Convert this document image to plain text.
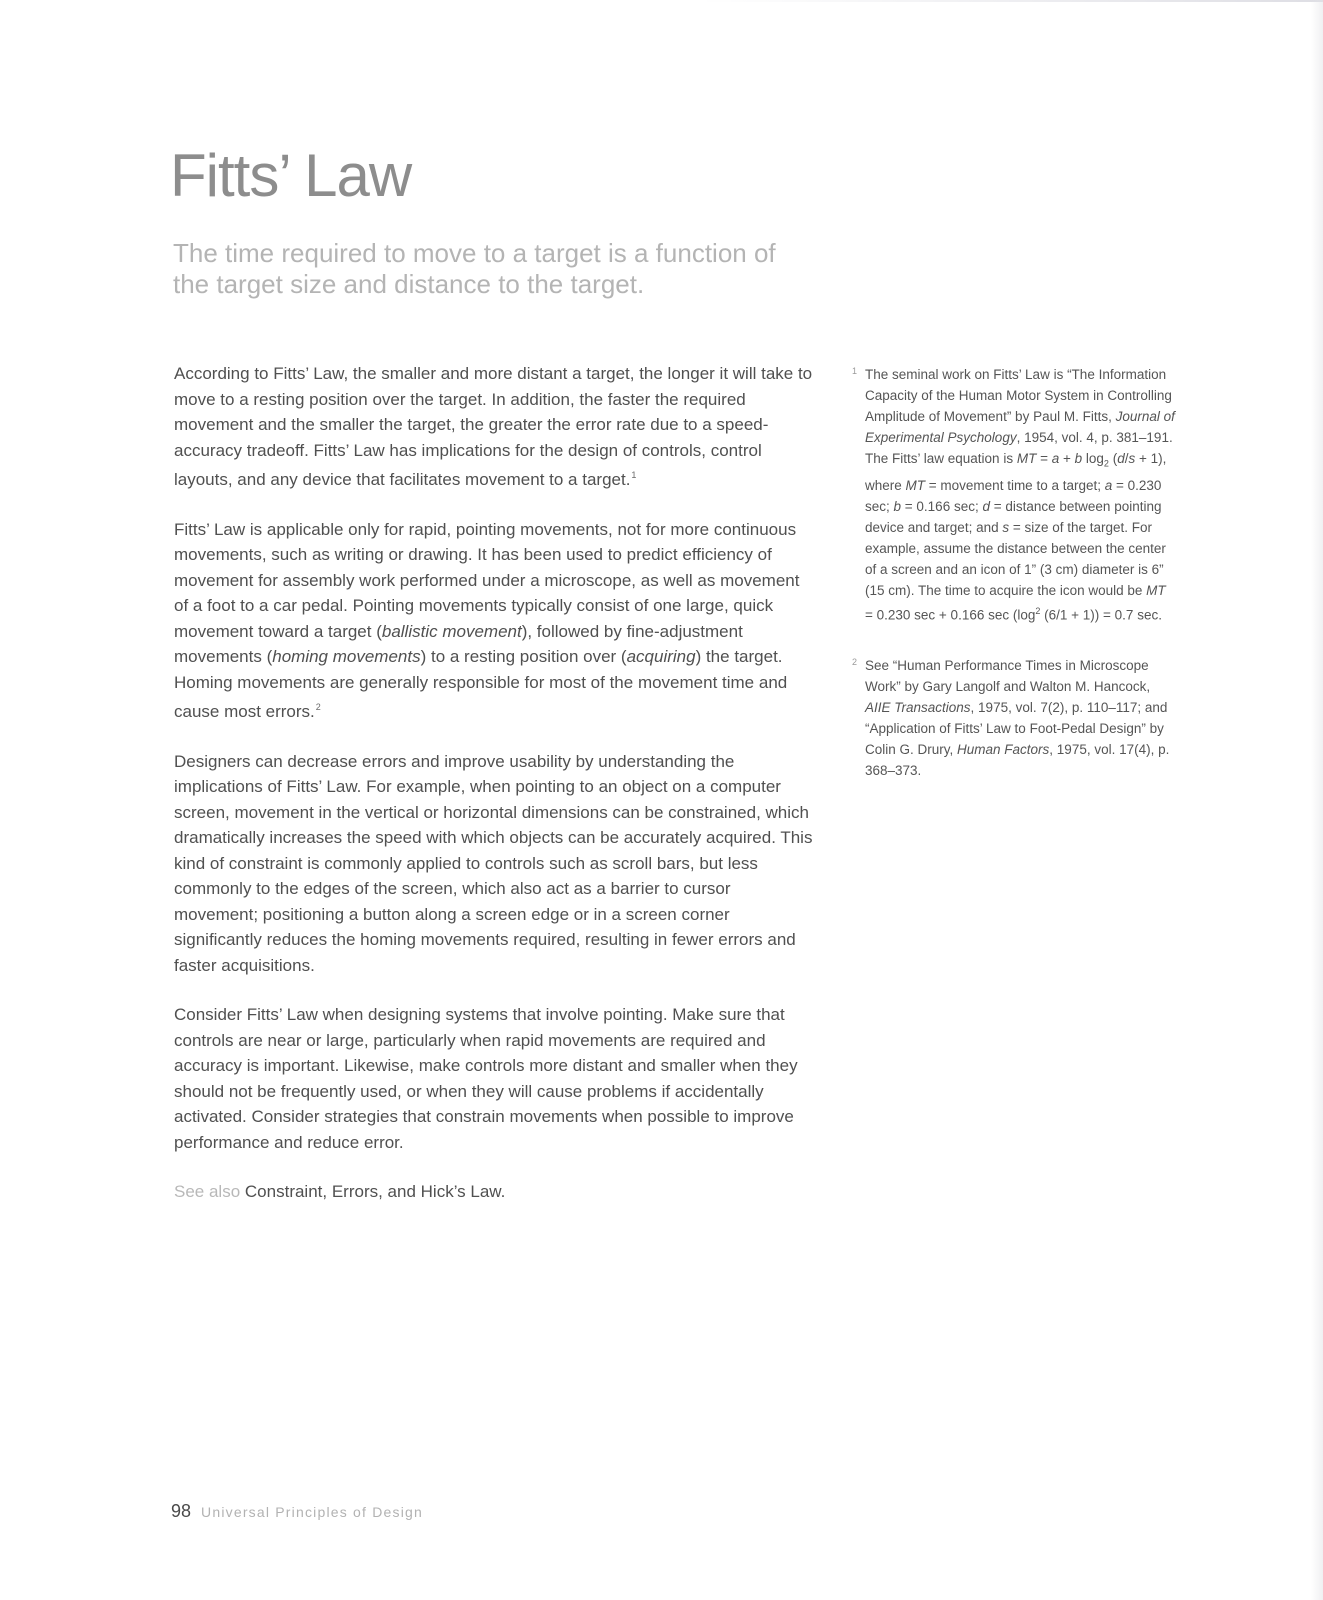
Fitts’ Law

The time required to move to a target is a function of the target size and distance to the target.

According to Fitts’ Law, the smaller and more distant a target, the longer it will take to move to a resting position over the target. In addition, the faster the required movement and the smaller the target, the greater the error rate due to a speed-accuracy tradeoff. Fitts’ Law has implications for the design of controls, control layouts, and any device that facilitates movement to a target.$^1$

Fitts’ Law is applicable only for rapid, pointing movements, not for more continuous movements, such as writing or drawing. It has been used to predict efficiency of movement for assembly work performed under a microscope, as well as movement of a foot to a car pedal. Pointing movements typically consist of one large, quick movement toward a target (ballistic movement), followed by fine-adjustment movements (homing movements) to a resting position over (acquiring) the target. Homing movements are generally responsible for most of the movement time and cause most errors.$^2$

Designers can decrease errors and improve usability by understanding the implications of Fitts’ Law. For example, when pointing to an object on a computer screen, movement in the vertical or horizontal dimensions can be constrained, which dramatically increases the speed with which objects can be accurately acquired. This kind of constraint is commonly applied to controls such as scroll bars, but less commonly to the edges of the screen, which also act as a barrier to cursor movement; positioning a button along a screen edge or in a screen corner significantly reduces the homing movements required, resulting in fewer errors and faster acquisitions.

Consider Fitts’ Law when designing systems that involve pointing. Make sure that controls are near or large, particularly when rapid movements are required and accuracy is important. Likewise, make controls more distant and smaller when they should not be frequently used, or when they will cause problems if accidentally activated. Consider strategies that constrain movements when possible to improve performance and reduce error.

See also Constraint, Errors, and Hick’s Law.

1 The seminal work on Fitts’ Law is “The Information Capacity of the Human Motor System in Controlling Amplitude of Movement” by Paul M. Fitts, Journal of Experimental Psychology, 1954, vol. 4, p. 381–191. The Fitts’ law equation is MT = a + b $\log_2 (d/s + 1)$, where MT = movement time to a target; a = 0.230 sec; b = 0.166 sec; d = distance between pointing device and target; and s = size of the target. For example, assume the distance between the center of a screen and an icon of 1” (3 cm) diameter is 6” (15 cm). The time to acquire the icon would be MT = 0.230 sec + 0.166 $\sec (\log^2$ (6/1 + 1)) = 0.7 sec.
2 See “Human Performance Times in Microscope Work” by Gary Langolf and Walton M. Hancock, AIIE Transactions, 1975, vol. 7(2), p. 110–117; and “Application of Fitts’ Law to Foot-Pedal Design” by Colin G. Drury, Human Factors, 1975, vol. 17(4), p. 368–373.
98 Universal Principles of Design
